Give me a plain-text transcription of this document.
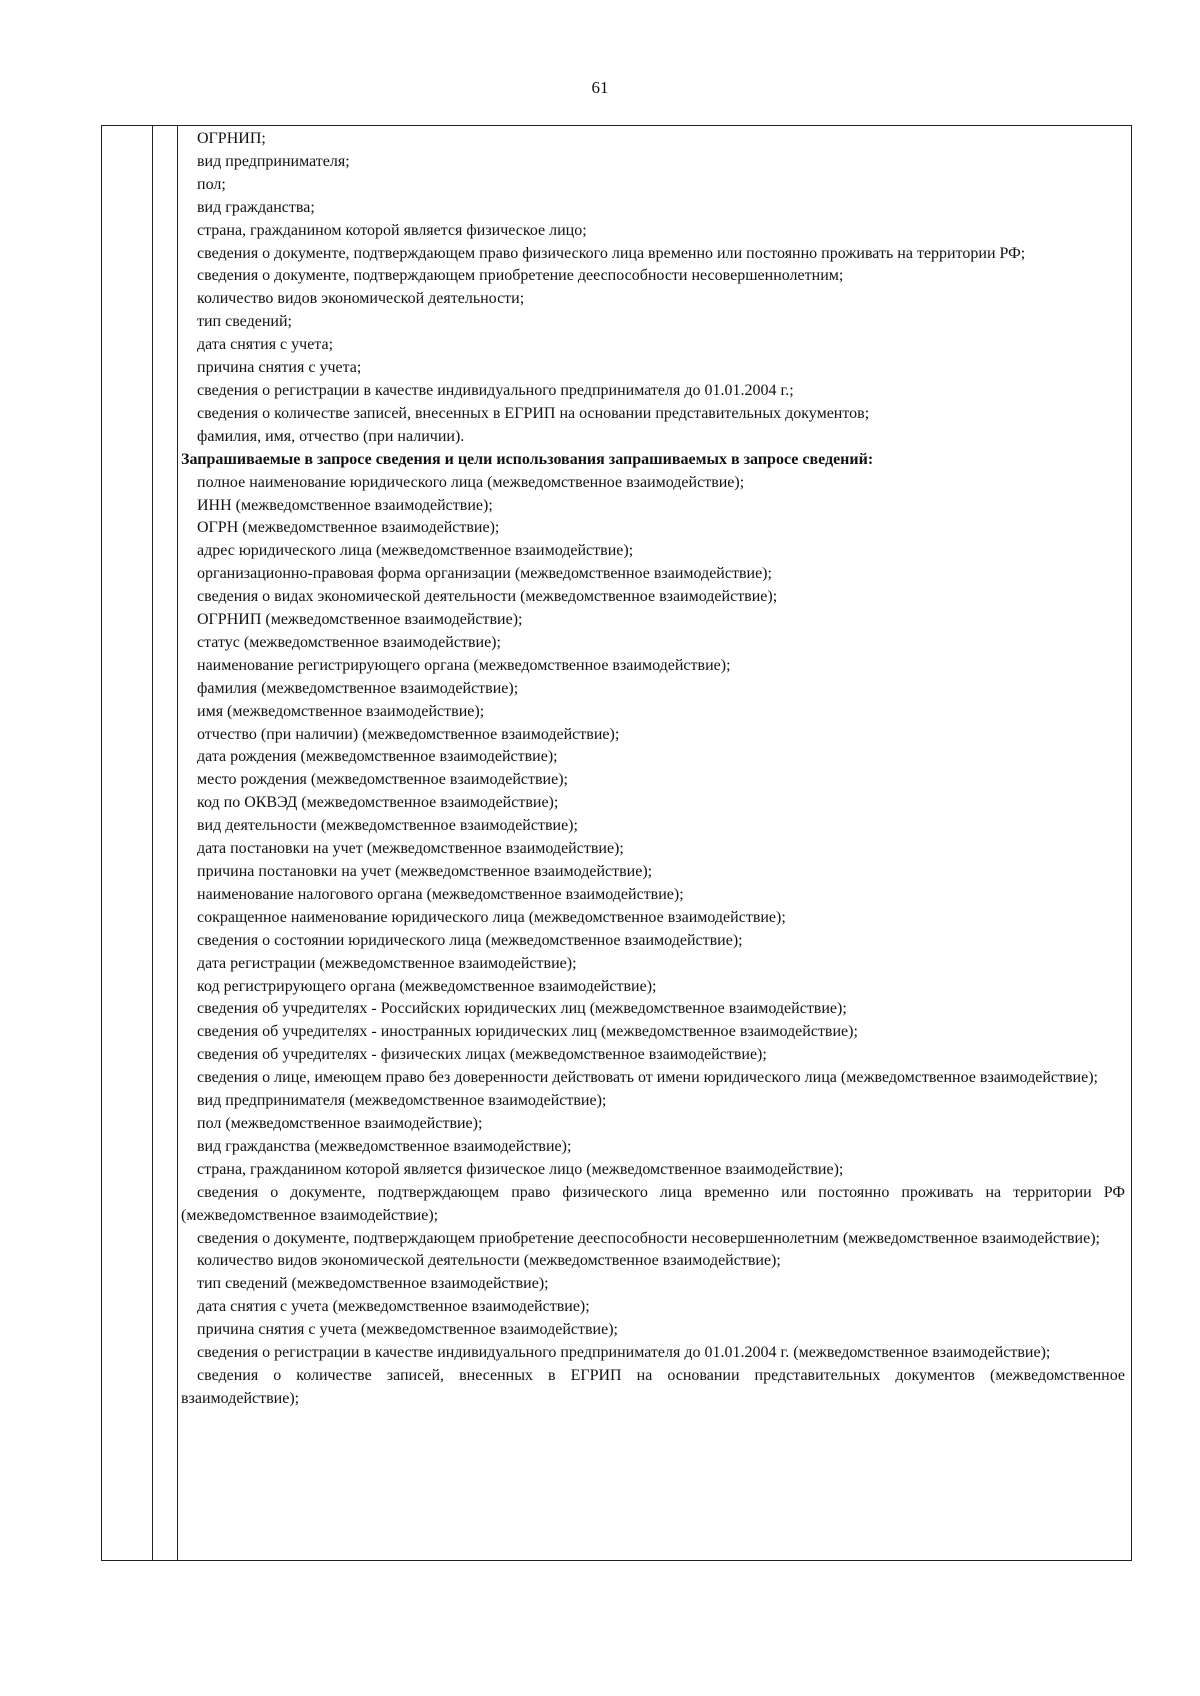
61
ОГРНИП;
вид предпринимателя;
пол;
вид гражданства;
страна, гражданином которой является физическое лицо;
сведения о документе, подтверждающем право физического лица временно или постоянно проживать на территории РФ;
сведения о документе, подтверждающем приобретение дееспособности несовершеннолетним;
количество видов экономической деятельности;
тип сведений;
дата снятия с учета;
причина снятия с учета;
сведения о регистрации в качестве индивидуального предпринимателя до 01.01.2004 г.;
сведения о количестве записей, внесенных в ЕГРИП на основании представительных документов;
фамилия, имя, отчество (при наличии).
Запрашиваемые в запросе сведения и цели использования запрашиваемых в запросе сведений:
полное наименование юридического лица (межведомственное взаимодействие);
ИНН (межведомственное взаимодействие);
ОГРН (межведомственное взаимодействие);
адрес юридического лица (межведомственное взаимодействие);
организационно-правовая форма организации (межведомственное взаимодействие);
сведения о видах экономической деятельности (межведомственное взаимодействие);
ОГРНИП (межведомственное взаимодействие);
статус (межведомственное взаимодействие);
наименование регистрирующего органа (межведомственное взаимодействие);
фамилия (межведомственное взаимодействие);
имя (межведомственное взаимодействие);
отчество (при наличии) (межведомственное взаимодействие);
дата рождения (межведомственное взаимодействие);
место рождения (межведомственное взаимодействие);
код по ОКВЭД (межведомственное взаимодействие);
вид деятельности (межведомственное взаимодействие);
дата постановки на учет (межведомственное взаимодействие);
причина постановки на учет (межведомственное взаимодействие);
наименование налогового органа (межведомственное взаимодействие);
сокращенное наименование юридического лица (межведомственное взаимодействие);
сведения о состоянии юридического лица (межведомственное взаимодействие);
дата регистрации (межведомственное взаимодействие);
код регистрирующего органа (межведомственное взаимодействие);
сведения об учредителях - Российских юридических лиц (межведомственное взаимодействие);
сведения об учредителях - иностранных юридических лиц (межведомственное взаимодействие);
сведения об учредителях - физических лицах (межведомственное взаимодействие);
сведения о лице, имеющем право без доверенности действовать от имени юридического лица (межведомственное взаимодействие);
вид предпринимателя (межведомственное взаимодействие);
пол (межведомственное взаимодействие);
вид гражданства (межведомственное взаимодействие);
страна, гражданином которой является физическое лицо (межведомственное взаимодействие);
сведения о документе, подтверждающем право физического лица временно или постоянно проживать на территории РФ (межведомственное взаимодействие);
сведения о документе, подтверждающем приобретение дееспособности несовершеннолетним (межведомственное взаимодействие);
количество видов экономической деятельности (межведомственное взаимодействие);
тип сведений (межведомственное взаимодействие);
дата снятия с учета (межведомственное взаимодействие);
причина снятия с учета (межведомственное взаимодействие);
сведения о регистрации в качестве индивидуального предпринимателя до 01.01.2004 г. (межведомственное взаимодействие);
сведения о количестве записей, внесенных в ЕГРИП на основании представительных документов (межведомственное взаимодействие);
